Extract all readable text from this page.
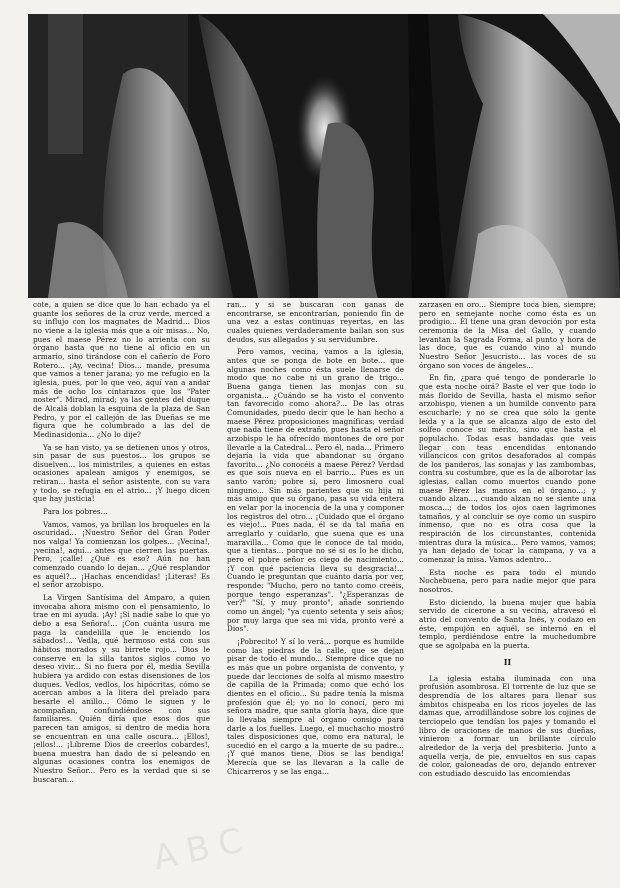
cote, a quien se dice que lo han echado ya el guante los señores de la cruz verde, merced a su influjo con los magnates de Madrid... Dios no viene a la iglesia más que a oír misas... No, pues el maese Pérez no lo arrienta con su órgano hasta que no tiene al oficio en un armario, sino tirándose con el cañerío de Foro Rotero... ¡Ay, vecina! Dios... mande, presuma que vamos a tener jarana; yo me refugio en la iglesia, pues, por lo que veo, aquí van a andar más de ocho los cintarazos que los "Pater noster". Mirad, mirad; ya las gentes del duque de Alcalá doblan la esquina de la plaza de San Pedro, y por el callejón de las Dueñas se me figura que he columbrado a las del de Medinasidonia... ¿No lo dije?

Ya se han visto, ya se detienen unos y otros, sin pasar de sus puestos... los grupos se disuelven... los ministriles, a quienes en estas ocasiones apalean amigos y enemigos, se retiran... hasta el señor asistente, con su vara y todo, se refugia en el atrio... ¡Y luego dicen que hay justicia!

Para los pobres...

Vamos, vamos, ya brillan los broqueles en la oscuridad... ¡Nuestro Señor del Gran Poder nos valga! Ya comienzan los golpes... ¡Vecina!, ¡vecina!, aquí... antes que cierren las puertas. Pero, ¡calle! ¿Qué es eso? Aún no han comenzado cuando lo dejan... ¿Qué resplandor es aquél?... ¡Hachas encendidas! ¡Literas! Es el señor arzobispo.

La Virgen Santísima del Amparo, a quien invocaba ahora mismo con el pensamiento, lo trae en mi ayuda. ¡Ay! ¡Si nadie sabe lo que yo debo a esa Señora!... ¡Con cuánta usura me paga la candelilla que le enciendo los sábados!... Vedla, qué hermoso está con sus hábitos morados y su birrete rojo... Dios le conserve en la silla tantos siglos como yo deseo vivir... Si no fuera por él, media Sevilla hubiera ya ardido con estas disensiones de los duques. Vedlos, vedlos, los hipócritas, cómo se acercan ambos a la litera del prelado para besarle el anillo... Cómo le siguen y le acompañan, confundiéndose con sus familiares. Quién diría que esos dos que parecen tan amigos, si dentro de media hora se encuentran en una calle oscura... ¡Ellos!, ¡ellos!... ¡Líbreme Dios de creerlos cobardes!, buena muestra han dado de sí peleando en algunas ocasiones contra los enemigos de Nuestro Señor... Pero es la verdad que si se buscaran...

ran... y si se buscaran con ganas de encontrarse, se encontrarían, poniendo fin de una vez a estas continuas reyertas, en las cuales quienes verdaderamente bailan son sus deudos, sus allegados y su servidumbre.

Pero vamos, vecina, vamos a la iglesia, antes que se ponga de bote en bote... que algunas noches como ésta suele llenarse de modo que no cabe ni un grano de trigo... Buena ganga tienen las monjas con su organista... ¿Cuándo se ha visto el convento tan favorecido como ahora?... De las otras Comunidades, puedo decir que le han hecho a maese Pérez proposiciones magníficas; verdad que nada tiene de extraño, pues hasta el señor arzobispo le ha ofrecido montones de oro por llevarle a la Catedral... Pero él, nada... Primero dejaría la vida que abandonar su órgano favorito... ¿No conocéis a maese Pérez? Verdad es que sois nueva en el barrio... Pues es un santo varón; pobre sí, pero limosnero cual ninguno... Sin más parientes que su hija ni más amigo que su órgano, pasa su vida entera en velar por la inocencia de la una y componer los registros del otro... ¡Cuidado que el órgano es viejo!... Pues nada, él se da tal maña en arreglarlo y cuidarlo, que suena que es una maravilla... Como que le conoce de tal modo, que a tientas... porque no sé si os lo he dicho, pero el pobre señor es ciego de nacimiento... ¡Y con qué paciencia lleva su desgracia!... Cuando le preguntan que cuánto daría por ver, responde: "Mucho, pero no tanto como creéis, porque tengo esperanzas". "¿Esperanzas de ver?" "Sí, y muy pronto", añade sonriendo como un ángel; "ya cuento setenta y seis años; por muy larga que sea mi vida, pronto veré a Dios".

¡Pobrecito! Y sí lo verá... porque es humilde como las piedras de la calle, que se dejan pisar de todo el mundo... Siempre dice que no es más que un pobre organista de convento, y puede dar lecciones de solfa al mismo maestro de capilla de la Primada; como que echó los dientes en el oficio... Su padre tenía la misma profesión que él; yo no lo conocí, pero mi señora madre, que santa gloria haya, dice que lo llevaba siempre al órgano consigo para darle a los fuelles. Luego, el muchacho mostró tales disposiciones que, como era natural, le sucedió en el cargo a la muerte de su padre... ¡Y qué manos tiene, Dios se las bendiga! Merecía que se las llevaran a la calle de Chicarreros y se las enga...

zarzasen en oro... Siempre toca bien, siempre; pero en semejante noche como ésta es un prodigio... Él tiene una gran devoción por esta ceremonia de la Misa del Gallo, y cuando levantan la Sagrada Forma, al punto y hora de las doce, que es cuando vino al mundo Nuestro Señor Jesucristo... las voces de su órgano son voces de ángeles...

En fin, ¿para qué tengo de ponderarle lo que esta noche oirá? Baste el ver que todo lo más florido de Sevilla, hasta el mismo señor arzobispo, vienen a un humilde convento para escucharle; y no se crea que sólo la gente leída y a la que se alcanza algo de esto del solfeo conoce su mérito, sino que hasta el populacho. Todas esas bandadas que veis llegar con teas encendidas entonando villancicos con gritos desaforados al compás de los panderos, las sonajas y las zambombas, contra su costumbre, que es la de alborotar las iglesias, callan como muertos cuando pone maese Pérez las manos en el órgano...; y cuando alzan..., cuando alzan no se siente una mosca...; de todos los ojos caen lagrimones tamaños, y al concluir se oye como un suspiro inmenso, que no es otra cosa que la respiración de los circunstantes, contenida mientras dura la música... Pero vamos, vamos; ya han dejado de tocar la campana, y va a comenzar la misa. Vamos adentro...

Esta noche es para todo el mundo Nochebuena, pero para nadie mejor que para nosotros.

Esto diciendo, la buena mujer que había servido de cicerone a su vecina, atravesó el atrio del convento de Santa Inés, y codazo en éste, empujón en aquél, se internó en el templo, perdiéndose entre la muchedumbre que se agolpaba en la puerta.

II

La iglesia estaba iluminada con una profusión asombrosa. El torrente de luz que se desprendía de los altares para llenar sus ámbitos chispeaba en los ricos joyeles de las damas que, arrodillándose sobre los cojines de terciopelo que tendían los pajes y tomando el libro de oraciones de manos de sus dueñas, vinieron a formar un brillante círculo alrededor de la verja del presbiterio. Junto a aquella verja, de pie, envueltos en sus capas de color, galoneadas de oro, dejando entrever con estudiado descuido las encomiendas

ABC
